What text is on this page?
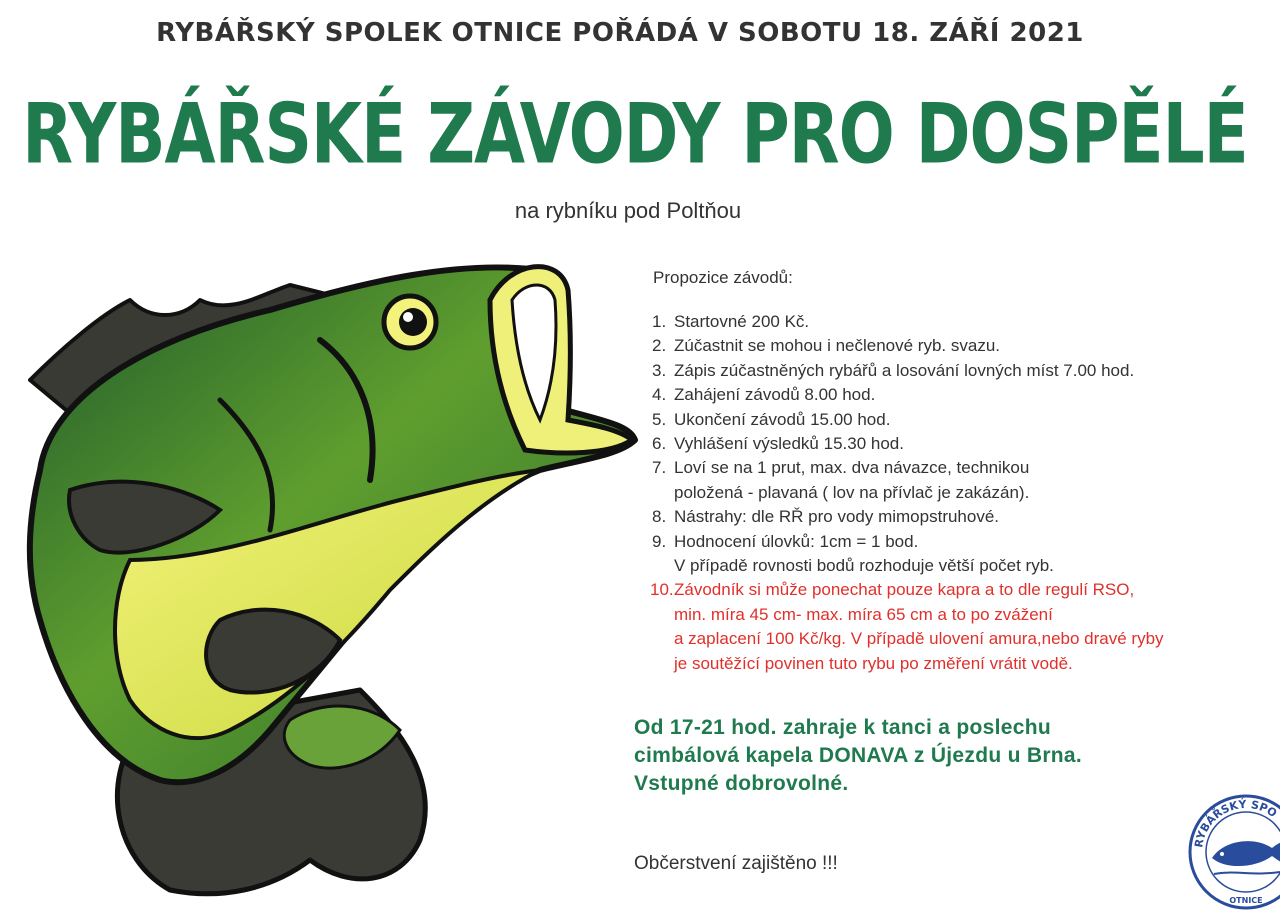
RYBÁŘSKÝ SPOLEK OTNICE POŘÁDÁ V SOBOTU 18. ZÁŘÍ 2021
RYBÁŘSKÉ ZÁVODY PRO DOSPĚLÉ
na rybníku pod Poltňou
Propozice závodů:
1. Startovné 200 Kč.
2. Zúčastnit se mohou i nečlenové ryb. svazu.
3. Zápis zúčastněných rybářů a losování lovných míst 7.00 hod.
4. Zahájení závodů 8.00 hod.
5. Ukončení závodů 15.00 hod.
6. Vyhlášení výsledků 15.30 hod.
7. Loví se na 1 prut, max. dva návazce, technikou
položená - plavaná ( lov na přívlač je zakázán).
8. Nástrahy: dle RŘ pro vody mimopstruhové.
9. Hodnocení úlovků: 1cm = 1 bod.
V případě rovnosti bodů rozhoduje větší počet ryb.
10. Závodník si může ponechat pouze kapra a to dle regulí RSO,
min. míra 45 cm- max. míra 65 cm a to po zvážení
a zaplacení 100 Kč/kg. V případě ulovení amura,nebo dravé ryby
je soutěžící povinen tuto rybu po změření vrátit vodě.
Od 17-21 hod. zahraje k tanci a poslechu
cimbálová kapela DONAVA z Újezdu u Brna.
Vstupné dobrovolné.
Občerstvení zajištěno !!!
RYBÁŘSKÝ SPO
OTNICE
